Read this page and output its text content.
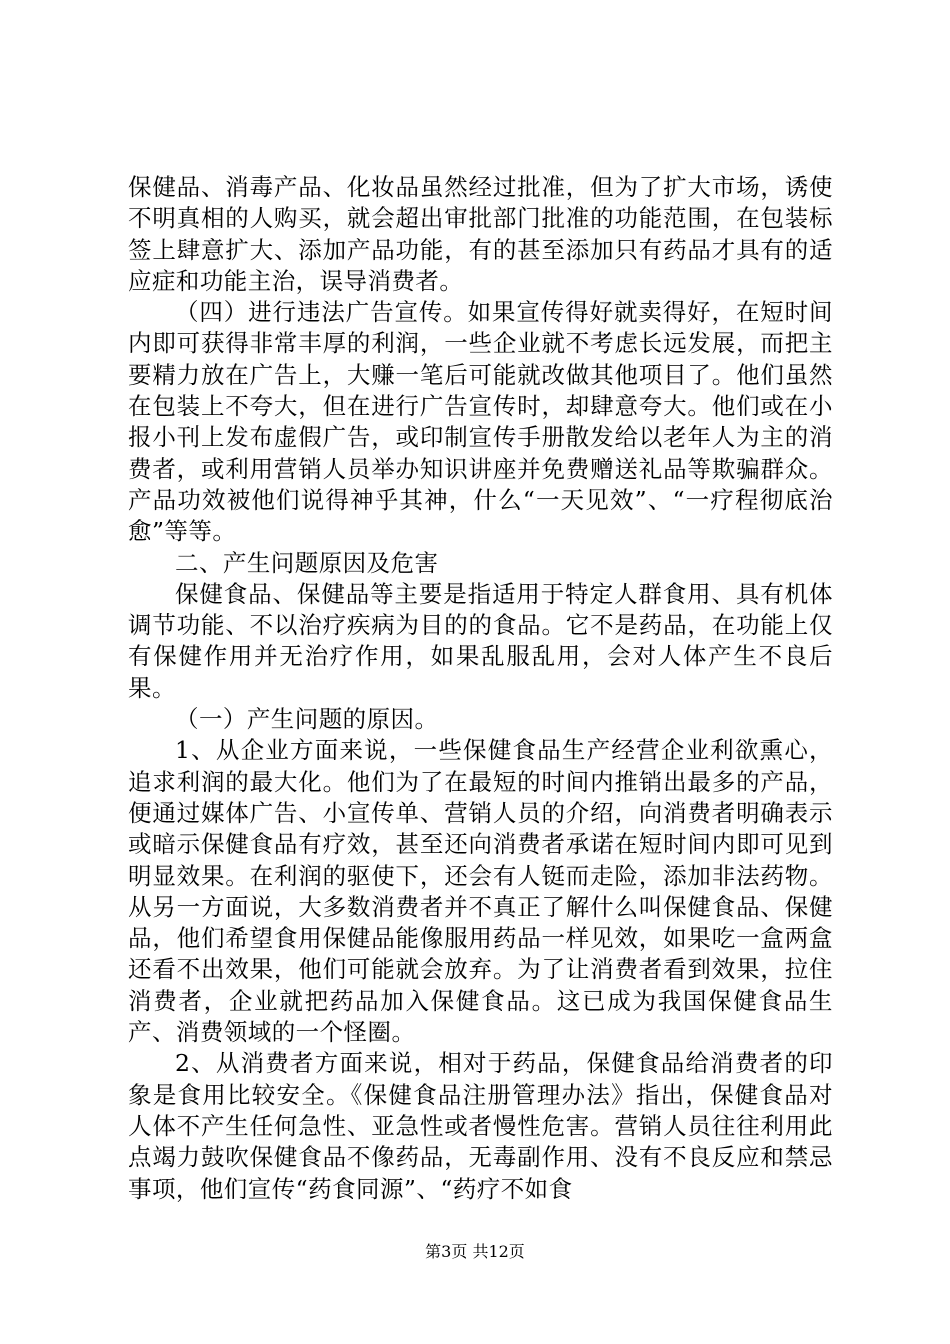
保健品、消毒产品、化妆品虽然经过批准，但为了扩大市场，诱使不明真相的人购买，就会超出审批部门批准的功能范围，在包装标签上肆意扩大、添加产品功能，有的甚至添加只有药品才具有的适应症和功能主治，误导消费者。

（四）进行违法广告宣传。如果宣传得好就卖得好，在短时间内即可获得非常丰厚的利润，一些企业就不考虑长远发展，而把主要精力放在广告上，大赚一笔后可能就改做其他项目了。他们虽然在包装上不夸大，但在进行广告宣传时，却肆意夸大。他们或在小报小刊上发布虚假广告，或印制宣传手册散发给以老年人为主的消费者，或利用营销人员举办知识讲座并免费赠送礼品等欺骗群众。产品功效被他们说得神乎其神，什么“一天见效”、“一疗程彻底治愈”等等。

二、产生问题原因及危害

保健食品、保健品等主要是指适用于特定人群食用、具有机体调节功能、不以治疗疾病为目的的食品。它不是药品，在功能上仅有保健作用并无治疗作用，如果乱服乱用，会对人体产生不良后果。

（一）产生问题的原因。

1、从企业方面来说，一些保健食品生产经营企业利欲熏心，追求利润的最大化。他们为了在最短的时间内推销出最多的产品，便通过媒体广告、小宣传单、营销人员的介绍，向消费者明确表示或暗示保健食品有疗效，甚至还向消费者承诺在短时间内即可见到明显效果。在利润的驱使下，还会有人铤而走险，添加非法药物。从另一方面说，大多数消费者并不真正了解什么叫保健食品、保健品，他们希望食用保健品能像服用药品一样见效，如果吃一盒两盒还看不出效果，他们可能就会放弃。为了让消费者看到效果，拉住消费者，企业就把药品加入保健食品。这已成为我国保健食品生产、消费领域的一个怪圈。

2、从消费者方面来说，相对于药品，保健食品给消费者的印象是食用比较安全。《保健食品注册管理办法》指出，保健食品对人体不产生任何急性、亚急性或者慢性危害。营销人员往往利用此点竭力鼓吹保健食品不像药品，无毒副作用、没有不良反应和禁忌事项，他们宣传“药食同源”、“药疗不如食

第3页 共12页
